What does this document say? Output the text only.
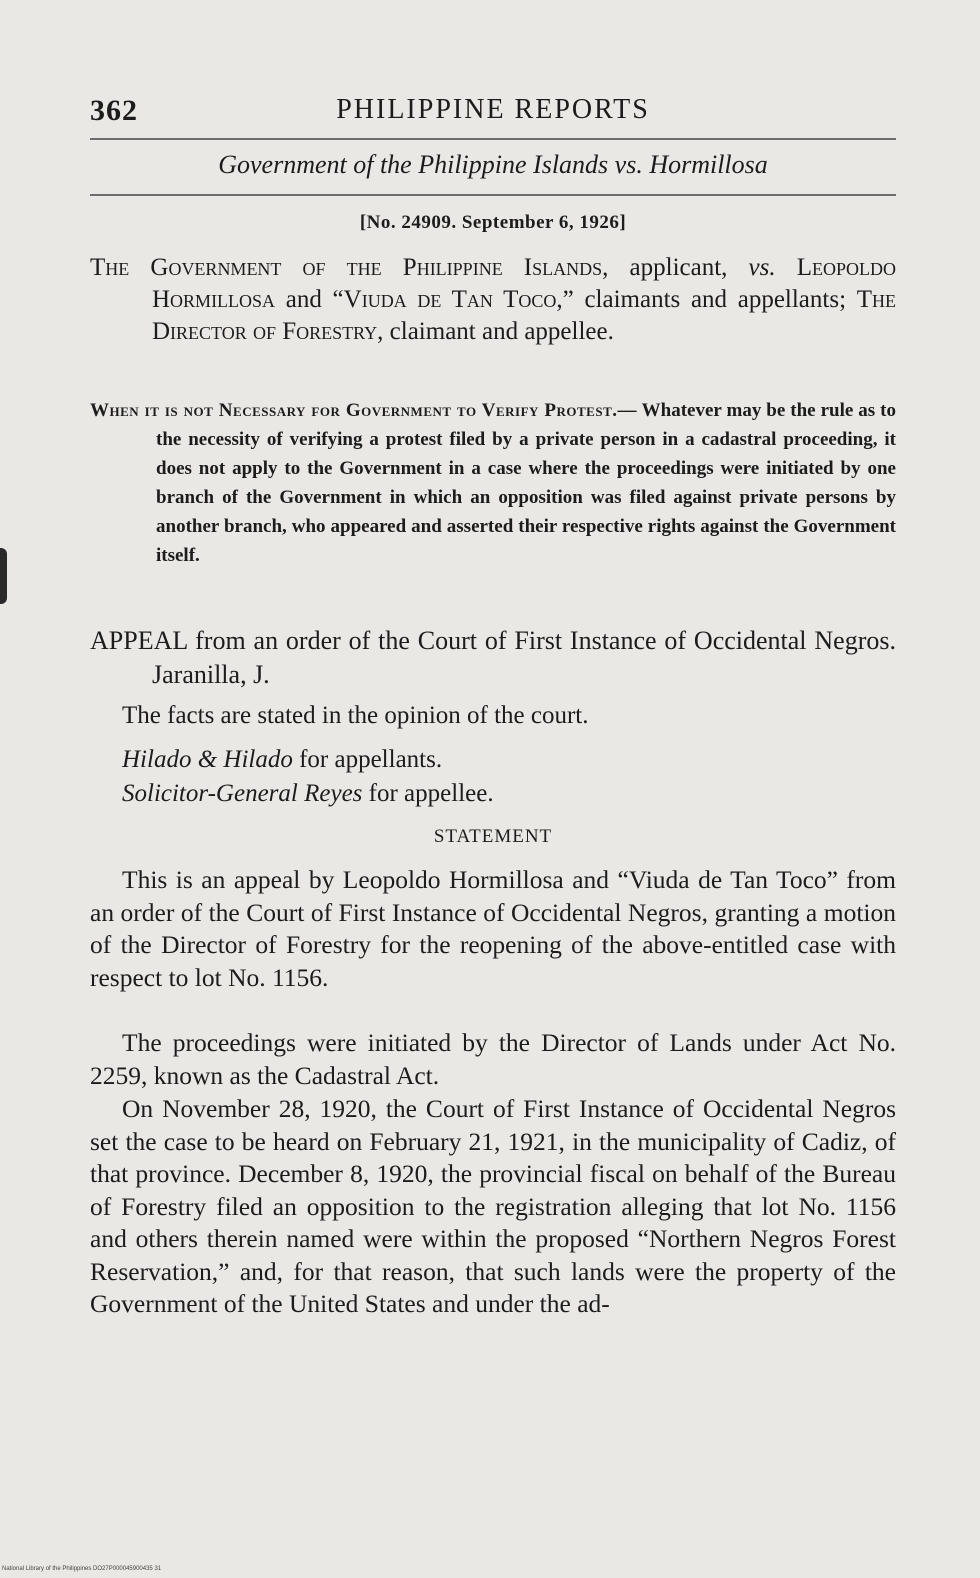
362	PHILIPPINE REPORTS
Government of the Philippine Islands vs. Hormillosa
[No. 24909. September 6, 1926]
The Government of the Philippine Islands, applicant, vs. Leopoldo Hormillosa and “Viuda de Tan Toco,” claimants and appellants; The Director of Forestry, claimant and appellee.
When it is not Necessary for Government to Verify Protest.— Whatever may be the rule as to the necessity of verifying a protest filed by a private person in a cadastral proceeding, it does not apply to the Government in a case where the proceedings were initiated by one branch of the Government in which an opposition was filed against private persons by another branch, who appeared and asserted their respective rights against the Government itself.
APPEAL from an order of the Court of First Instance of Occidental Negros. Jaranilla, J.
The facts are stated in the opinion of the court.
Hilado & Hilado for appellants.
Solicitor-General Reyes for appellee.
STATEMENT
This is an appeal by Leopoldo Hormillosa and “Viuda de Tan Toco” from an order of the Court of First Instance of Occidental Negros, granting a motion of the Director of Forestry for the reopening of the above-entitled case with respect to lot No. 1156.
The proceedings were initiated by the Director of Lands under Act No. 2259, known as the Cadastral Act.
On November 28, 1920, the Court of First Instance of Occidental Negros set the case to be heard on February 21, 1921, in the municipality of Cadiz, of that province. December 8, 1920, the provincial fiscal on behalf of the Bureau of Forestry filed an opposition to the registration alleging that lot No. 1156 and others therein named were within the proposed “Northern Negros Forest Reservation,” and, for that reason, that such lands were the property of the Government of the United States and under the ad-
National Library of the Philippines DO27P000045900435 31
